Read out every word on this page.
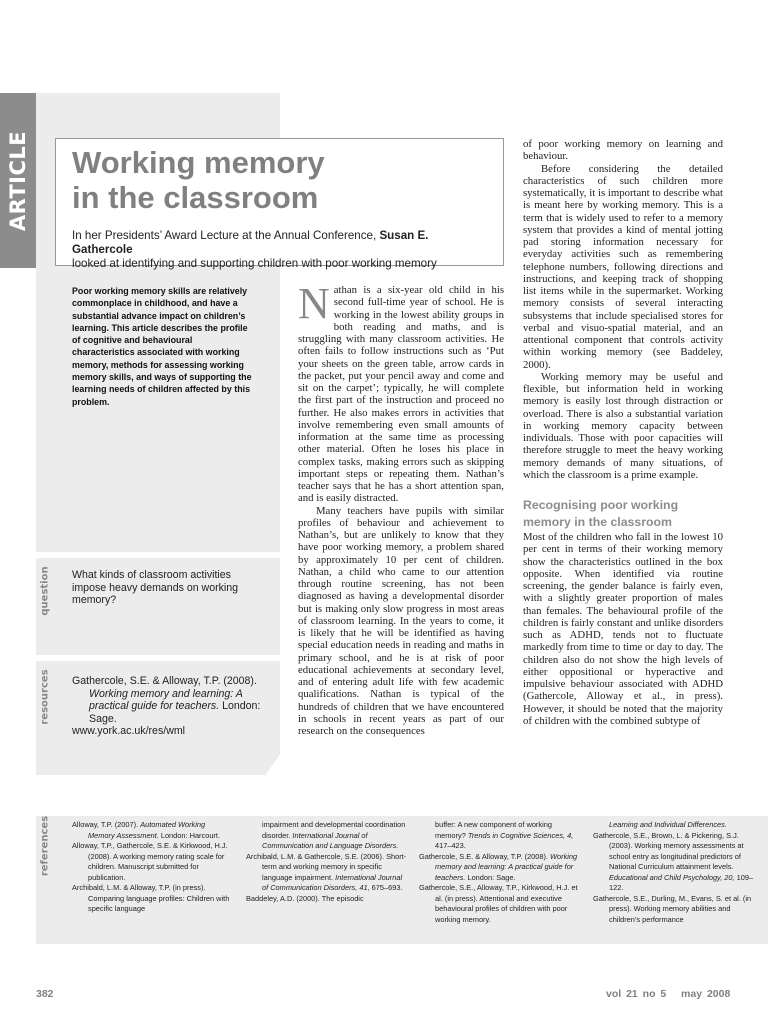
ARTICLE Working memory
in the classroom

In her Presidents’ Award Lecture at the Annual Conference, Susan E. Gathercole
looked at identifying and supporting children with poor working memory

Poor working memory skills are relatively commonplace in childhood, and have a substantial advance impact on children’s learning. This article describes the profile of cognitive and behavioural characteristics associated with working memory, methods for assessing working memory skills, and ways of supporting the learning needs of children affected by this problem.

question What kinds of classroom activities impose heavy demands on working memory?

resources Gathercole, S.E. & Alloway, T.P. (2008).
Working memory and learning: A practical guide for teachers. London: Sage.
www.york.ac.uk/res/wml
N athan is a six-year old child in his second full-time year of school. He is working in the lowest ability groups in both reading and maths, and is struggling with many classroom activities. He often fails to follow instructions such as ‘Put your sheets on the green table, arrow cards in the packet, put your pencil away and come and sit on the carpet’; typically, he will complete the first part of the instruction and proceed no further. He also makes errors in activities that involve remembering even small amounts of information at the same time as processing other material. Often he loses his place in complex tasks, making errors such as skipping important steps or repeating them. Nathan’s teacher says that he has a short attention span, and is easily distracted.

Many teachers have pupils with similar profiles of behaviour and achievement to Nathan’s, but are unlikely to know that they have poor working memory, a problem shared by approximately 10 per cent of children. Nathan, a child who came to our attention through routine screening, has not been diagnosed as having a developmental disorder but is making only slow progress in most areas of classroom learning. In the years to come, it is likely that he will be identified as having special education needs in reading and maths in primary school, and he is at risk of poor educational achievements at secondary level, and of entering adult life with few academic qualifications. Nathan is typical of the hundreds of children that we have encountered in schools in recent years as part of our research on the consequences

of poor working memory on learning and behaviour.

Before considering the detailed characteristics of such children more systematically, it is important to describe what is meant here by working memory. This is a term that is widely used to refer to a memory system that provides a kind of mental jotting pad storing information necessary for everyday activities such as remembering telephone numbers, following directions and instructions, and keeping track of shopping list items while in the supermarket. Working memory consists of several interacting subsystems that include specialised stores for verbal and visuo-spatial material, and an attentional component that controls activity within working memory (see Baddeley, 2000).

Working memory may be useful and flexible, but information held in working memory is easily lost through distraction or overload. There is also a substantial variation in working memory capacity between individuals. Those with poor capacities will therefore struggle to meet the heavy working memory demands of many situations, of which the classroom is a prime example.

Recognising poor working memory in the classroom

Most of the children who fall in the lowest 10 per cent in terms of their working memory show the characteristics outlined in the box opposite. When identified via routine screening, the gender balance is fairly even, with a slightly greater proportion of males than females. The behavioural profile of the children is fairly constant and unlike disorders such as ADHD, tends not to fluctuate markedly from time to time or day to day. The children also do not show the high levels of either oppositional or hyperactive and impulsive behaviour associated with ADHD (Gathercole, Alloway et al., in press). However, it should be noted that the majority of children with the combined subtype of

references	Alloway, T.P. (2007). Automated Working Memory Assessment. London: Harcourt.
Alloway, T.P., Gathercole, S.E. & Kirkwood, H.J. (2008). A working memory rating scale for children. Manuscript submitted for publication.
Archibald, L.M. & Alloway, T.P. (in press). Comparing language profiles: Children with specific language
impairment and developmental coordination disorder. International Journal of Communication and Language Disorders.
Archibald, L.M. & Gathercole, S.E. (2006). Short-term and working memory in specific language impairment. International Journal of Communication Disorders, 41, 675–693.
Baddeley, A.D. (2000). The episodic
buffer: A new component of working memory? Trends in Cognitive Sciences, 4, 417–423.
Gathercole, S.E. & Alloway, T.P. (2008). Working memory and learning: A practical guide for teachers. London: Sage.
Gathercole, S.E., Alloway, T.P., Kirkwood, H.J. et al. (in press). Attentional and executive behavioural profiles of children with poor working memory.
Learning and Individual Differences.
Gathercole, S.E., Brown, L. & Pickering, S.J. (2003). Working memory assessments at school entry as longitudinal predictors of National Curriculum attainment levels. Educational and Child Psychology, 20, 109–122.
Gathercole, S.E., Durling, M., Evans, S. et al. (in press). Working memory abilities and children’s performance
382	vol 21 no 5   may 2008
